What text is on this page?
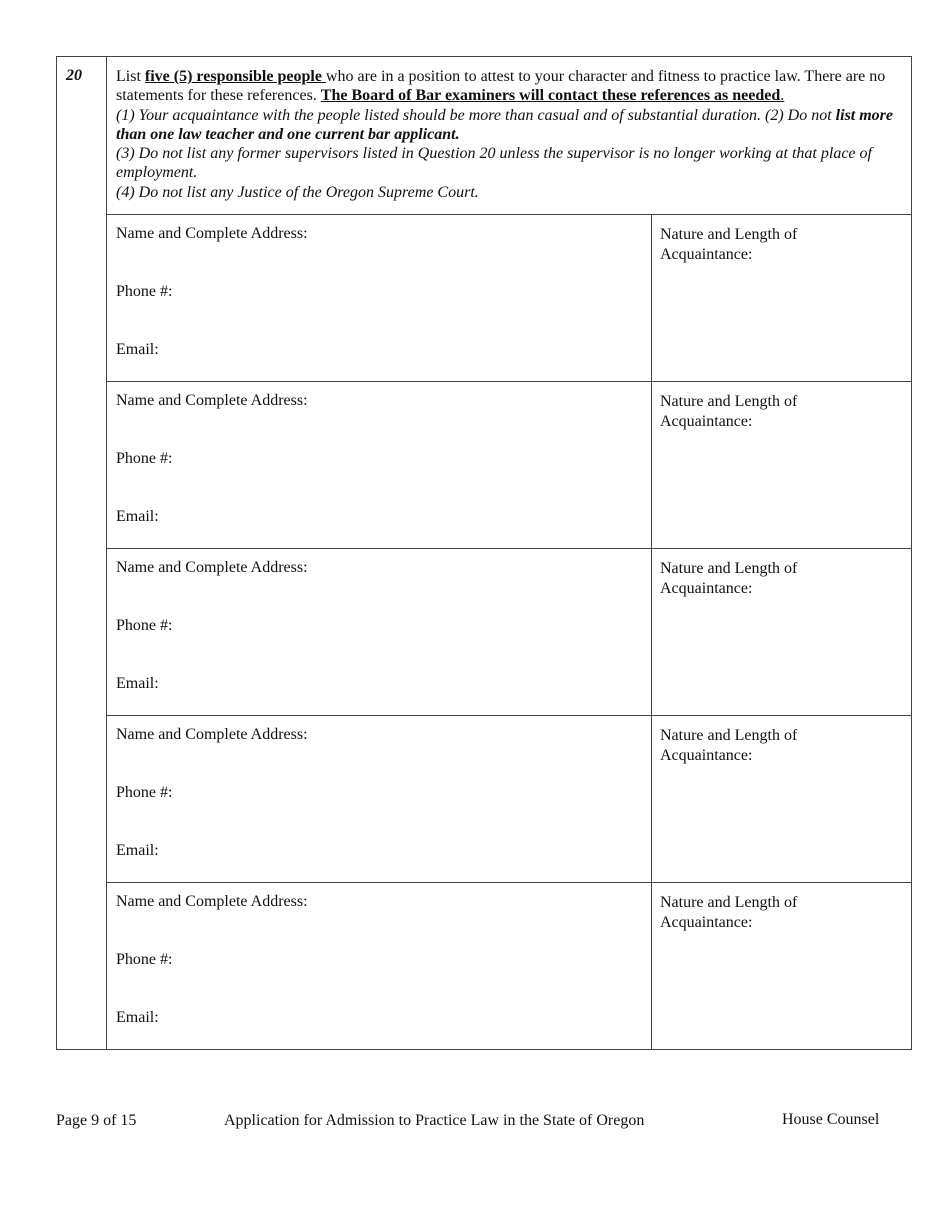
20 List five (5) responsible people who are in a position to attest to your character and fitness to practice law. There are no statements for these references. The Board of Bar examiners will contact these references as needed.

(1) Your acquaintance with the people listed should be more than casual and of substantial duration. (2) Do not list more than one law teacher and one current bar applicant.

(3) Do not list any former supervisors listed in Question 20 unless the supervisor is no longer working at that place of employment.

(4) Do not list any Justice of the Oregon Supreme Court.

Name and Complete Address:
Phone #:
Email:
Nature and Length of Acquaintance:
Name and Complete Address:
Phone #:
Email:
Nature and Length of Acquaintance:
Name and Complete Address:
Phone #:
Email:
Nature and Length of Acquaintance:
Name and Complete Address:
Phone #:
Email:
Nature and Length of Acquaintance:
Name and Complete Address:
Phone #:
Email:
Nature and Length of Acquaintance:
Page 9 of 15	Application for Admission to Practice Law in the State of Oregon	House Counsel
